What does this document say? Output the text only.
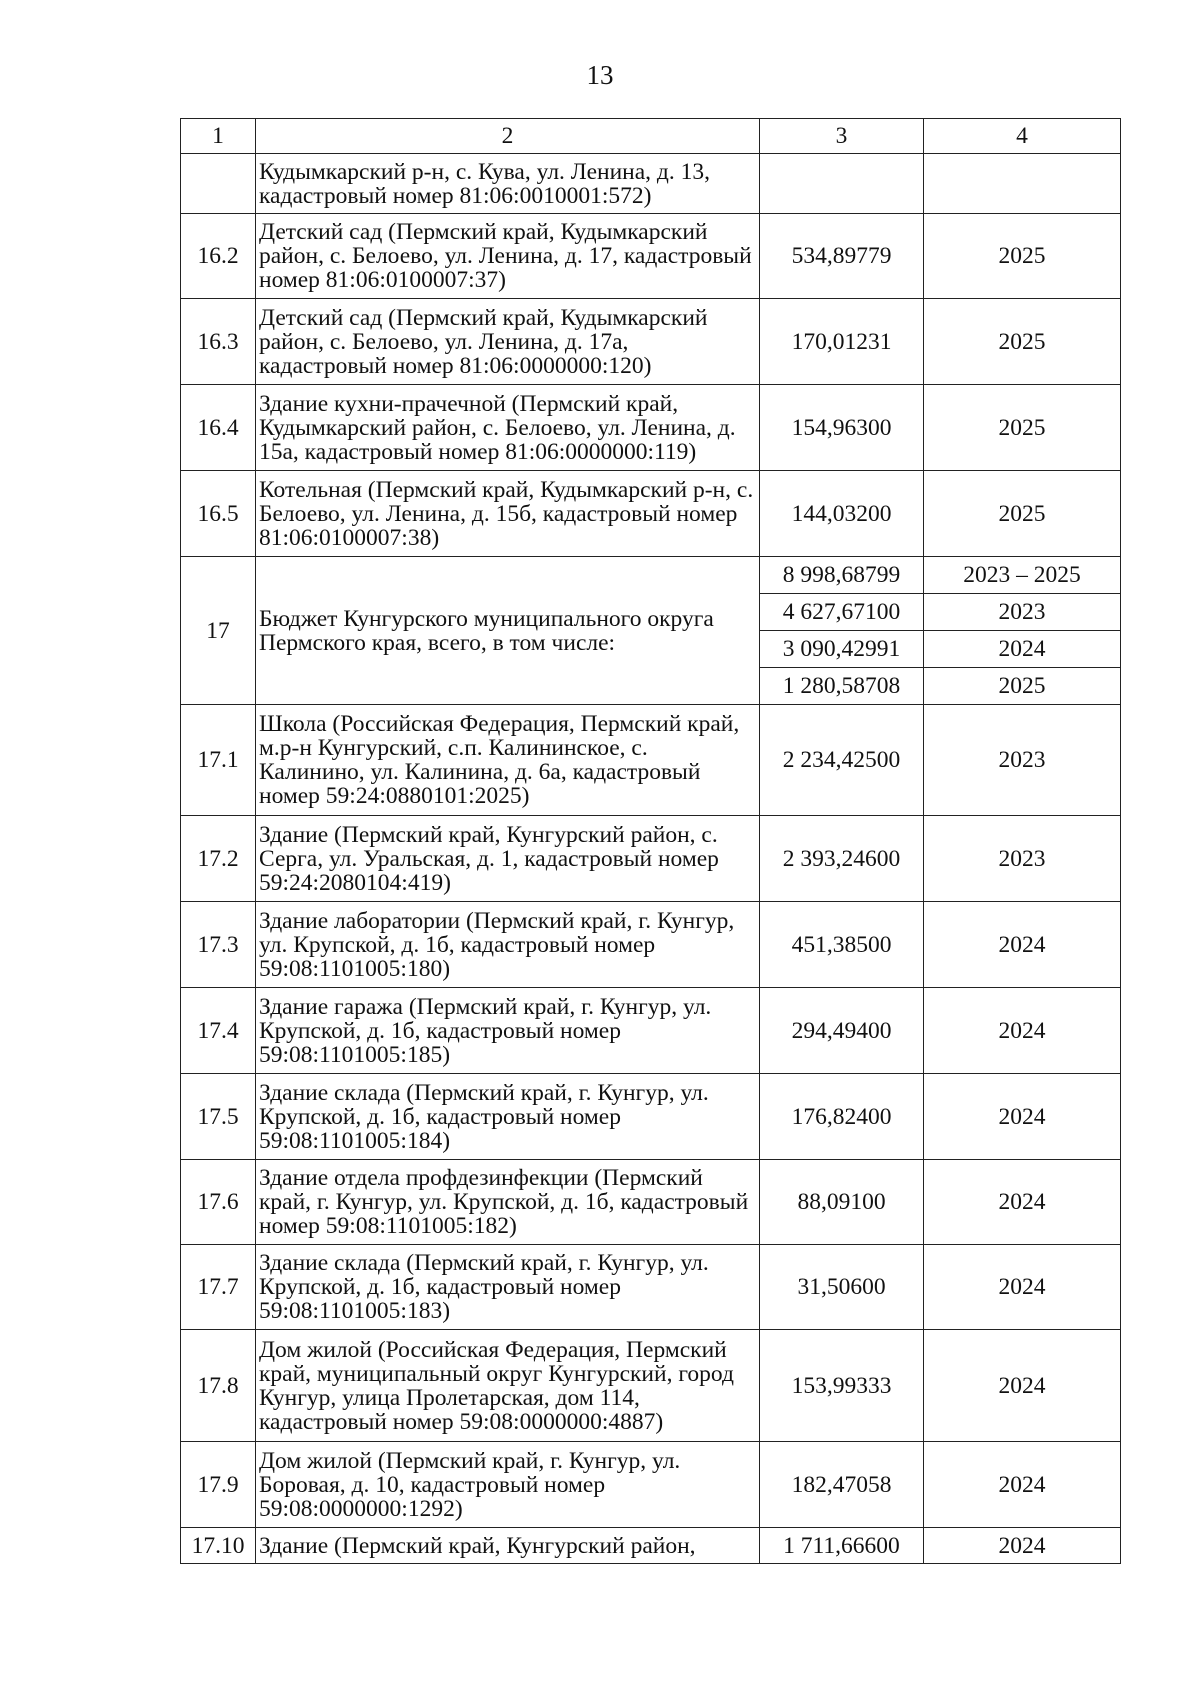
13
1	2	3	4
	Кудымкарский р-н, с. Кува, ул. Ленина, д. 13, кадастровый номер 81:06:0010001:572)		
16.2	Детский сад (Пермский край, Кудымкарский район, с. Белоево, ул. Ленина, д. 17, кадастровый номер 81:06:0100007:37)	534,89779	2025
16.3	Детский сад (Пермский край, Кудымкарский район, с. Белоево, ул. Ленина, д. 17а, кадастровый номер 81:06:0000000:120)	170,01231	2025
16.4	Здание кухни-прачечной (Пермский край, Кудымкарский район, с. Белоево, ул. Ленина, д. 15а, кадастровый номер 81:06:0000000:119)	154,96300	2025
16.5	Котельная (Пермский край, Кудымкарский р-н, с. Белоево, ул. Ленина, д. 15б, кадастровый номер 81:06:0100007:38)	144,03200	2025
17	Бюджет Кунгурского муниципального округа Пермского края, всего, в том числе:	8 998,68799	2023 – 2025
		4 627,67100	2023
		3 090,42991	2024
		1 280,58708	2025
17.1	Школа (Российская Федерация, Пермский край, м.р-н Кунгурский, с.п. Калининское, с. Калинино, ул. Калинина, д. 6а, кадастровый номер 59:24:0880101:2025)	2 234,42500	2023
17.2	Здание (Пермский край, Кунгурский район, с. Серга, ул. Уральская, д. 1, кадастровый номер 59:24:2080104:419)	2 393,24600	2023
17.3	Здание лаборатории (Пермский край, г. Кунгур, ул. Крупской, д. 1б, кадастровый номер 59:08:1101005:180)	451,38500	2024
17.4	Здание гаража (Пермский край, г. Кунгур, ул. Крупской, д. 1б, кадастровый номер 59:08:1101005:185)	294,49400	2024
17.5	Здание склада (Пермский край, г. Кунгур, ул. Крупской, д. 1б, кадастровый номер 59:08:1101005:184)	176,82400	2024
17.6	Здание отдела профдезинфекции (Пермский край, г. Кунгур, ул. Крупской, д. 1б, кадастровый номер 59:08:1101005:182)	88,09100	2024
17.7	Здание склада (Пермский край, г. Кунгур, ул. Крупской, д. 1б, кадастровый номер 59:08:1101005:183)	31,50600	2024
17.8	Дом жилой (Российская Федерация, Пермский край, муниципальный округ Кунгурский, город Кунгур, улица Пролетарская, дом 114, кадастровый номер 59:08:0000000:4887)	153,99333	2024
17.9	Дом жилой (Пермский край, г. Кунгур, ул. Боровая, д. 10, кадастровый номер 59:08:0000000:1292)	182,47058	2024
17.10	Здание (Пермский край, Кунгурский район,	1 711,66600	2024
